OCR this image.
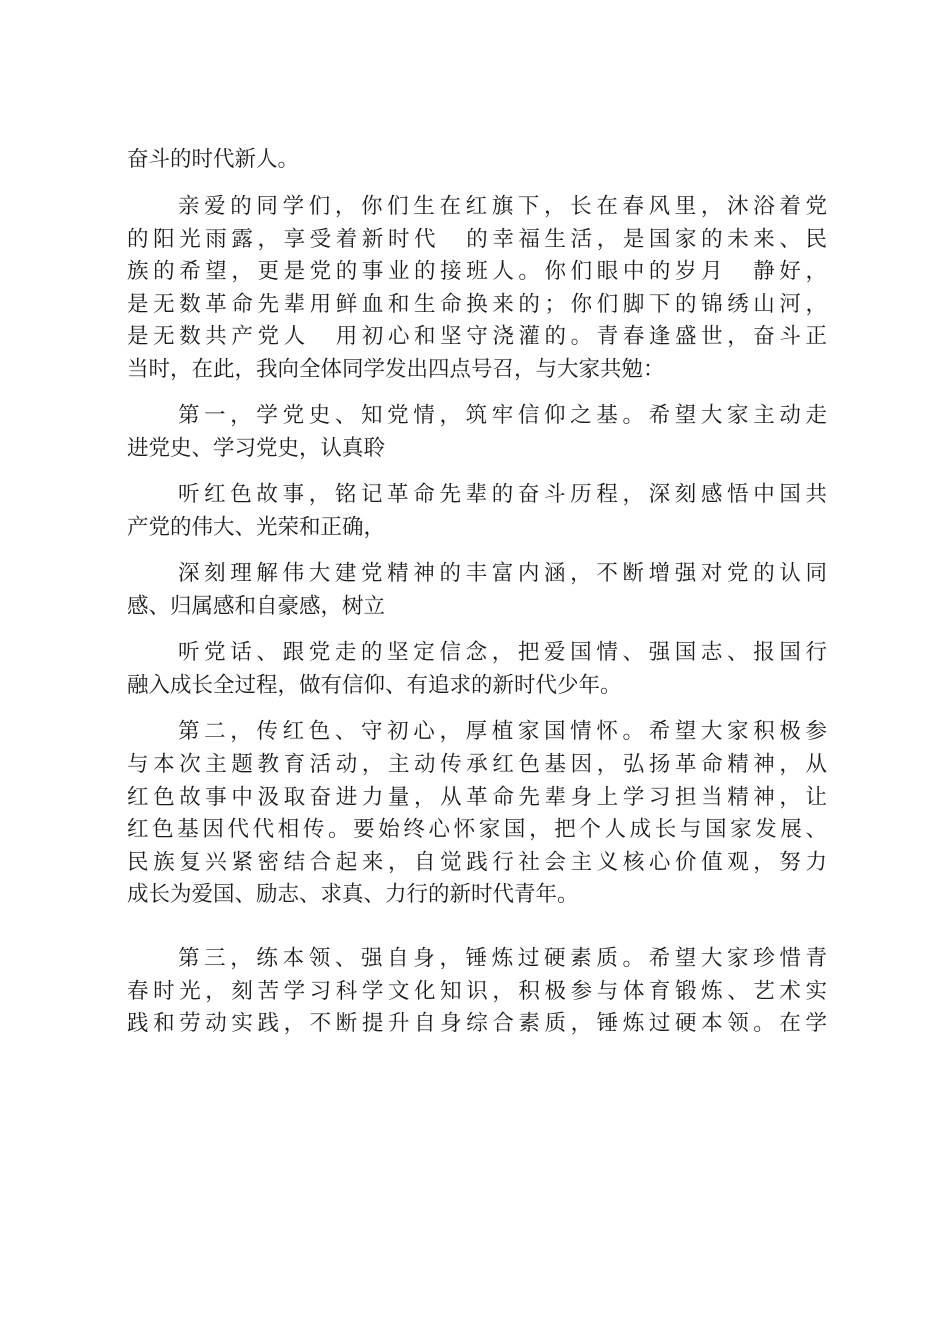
奋斗的时代新人。
亲爱的同学们，你们生在红旗下，长在春风里，沐浴着党
的阳光雨露，享受着新时代　的幸福生活，是国家的未来、民
族的希望，更是党的事业的接班人。你们眼中的岁月　静好，
是无数革命先辈用鲜血和生命换来的；你们脚下的锦绣山河，
是无数共产党人　用初心和坚守浇灌的。青春逢盛世，奋斗正
当时，在此，我向全体同学发出四点号召，与大家共勉：
第一，学党史、知党情，筑牢信仰之基。希望大家主动走
进党史、学习党史，认真聆
听红色故事，铭记革命先辈的奋斗历程，深刻感悟中国共
产党的伟大、光荣和正确，
深刻理解伟大建党精神的丰富内涵，不断增强对党的认同
感、归属感和自豪感，树立
听党话、跟党走的坚定信念，把爱国情、强国志、报国行
融入成长全过程，做有信仰、有追求的新时代少年。
第二，传红色、守初心，厚植家国情怀。希望大家积极参
与本次主题教育活动，主动传承红色基因，弘扬革命精神，从
红色故事中汲取奋进力量，从革命先辈身上学习担当精神，让
红色基因代代相传。要始终心怀家国，把个人成长与国家发展、
民族复兴紧密结合起来，自觉践行社会主义核心价值观，努力
成长为爱国、励志、求真、力行的新时代青年。
第三，练本领、强自身，锤炼过硬素质。希望大家珍惜青
春时光，刻苦学习科学文化知识，积极参与体育锻炼、艺术实
践和劳动实践，不断提升自身综合素质，锤炼过硬本领。在学
